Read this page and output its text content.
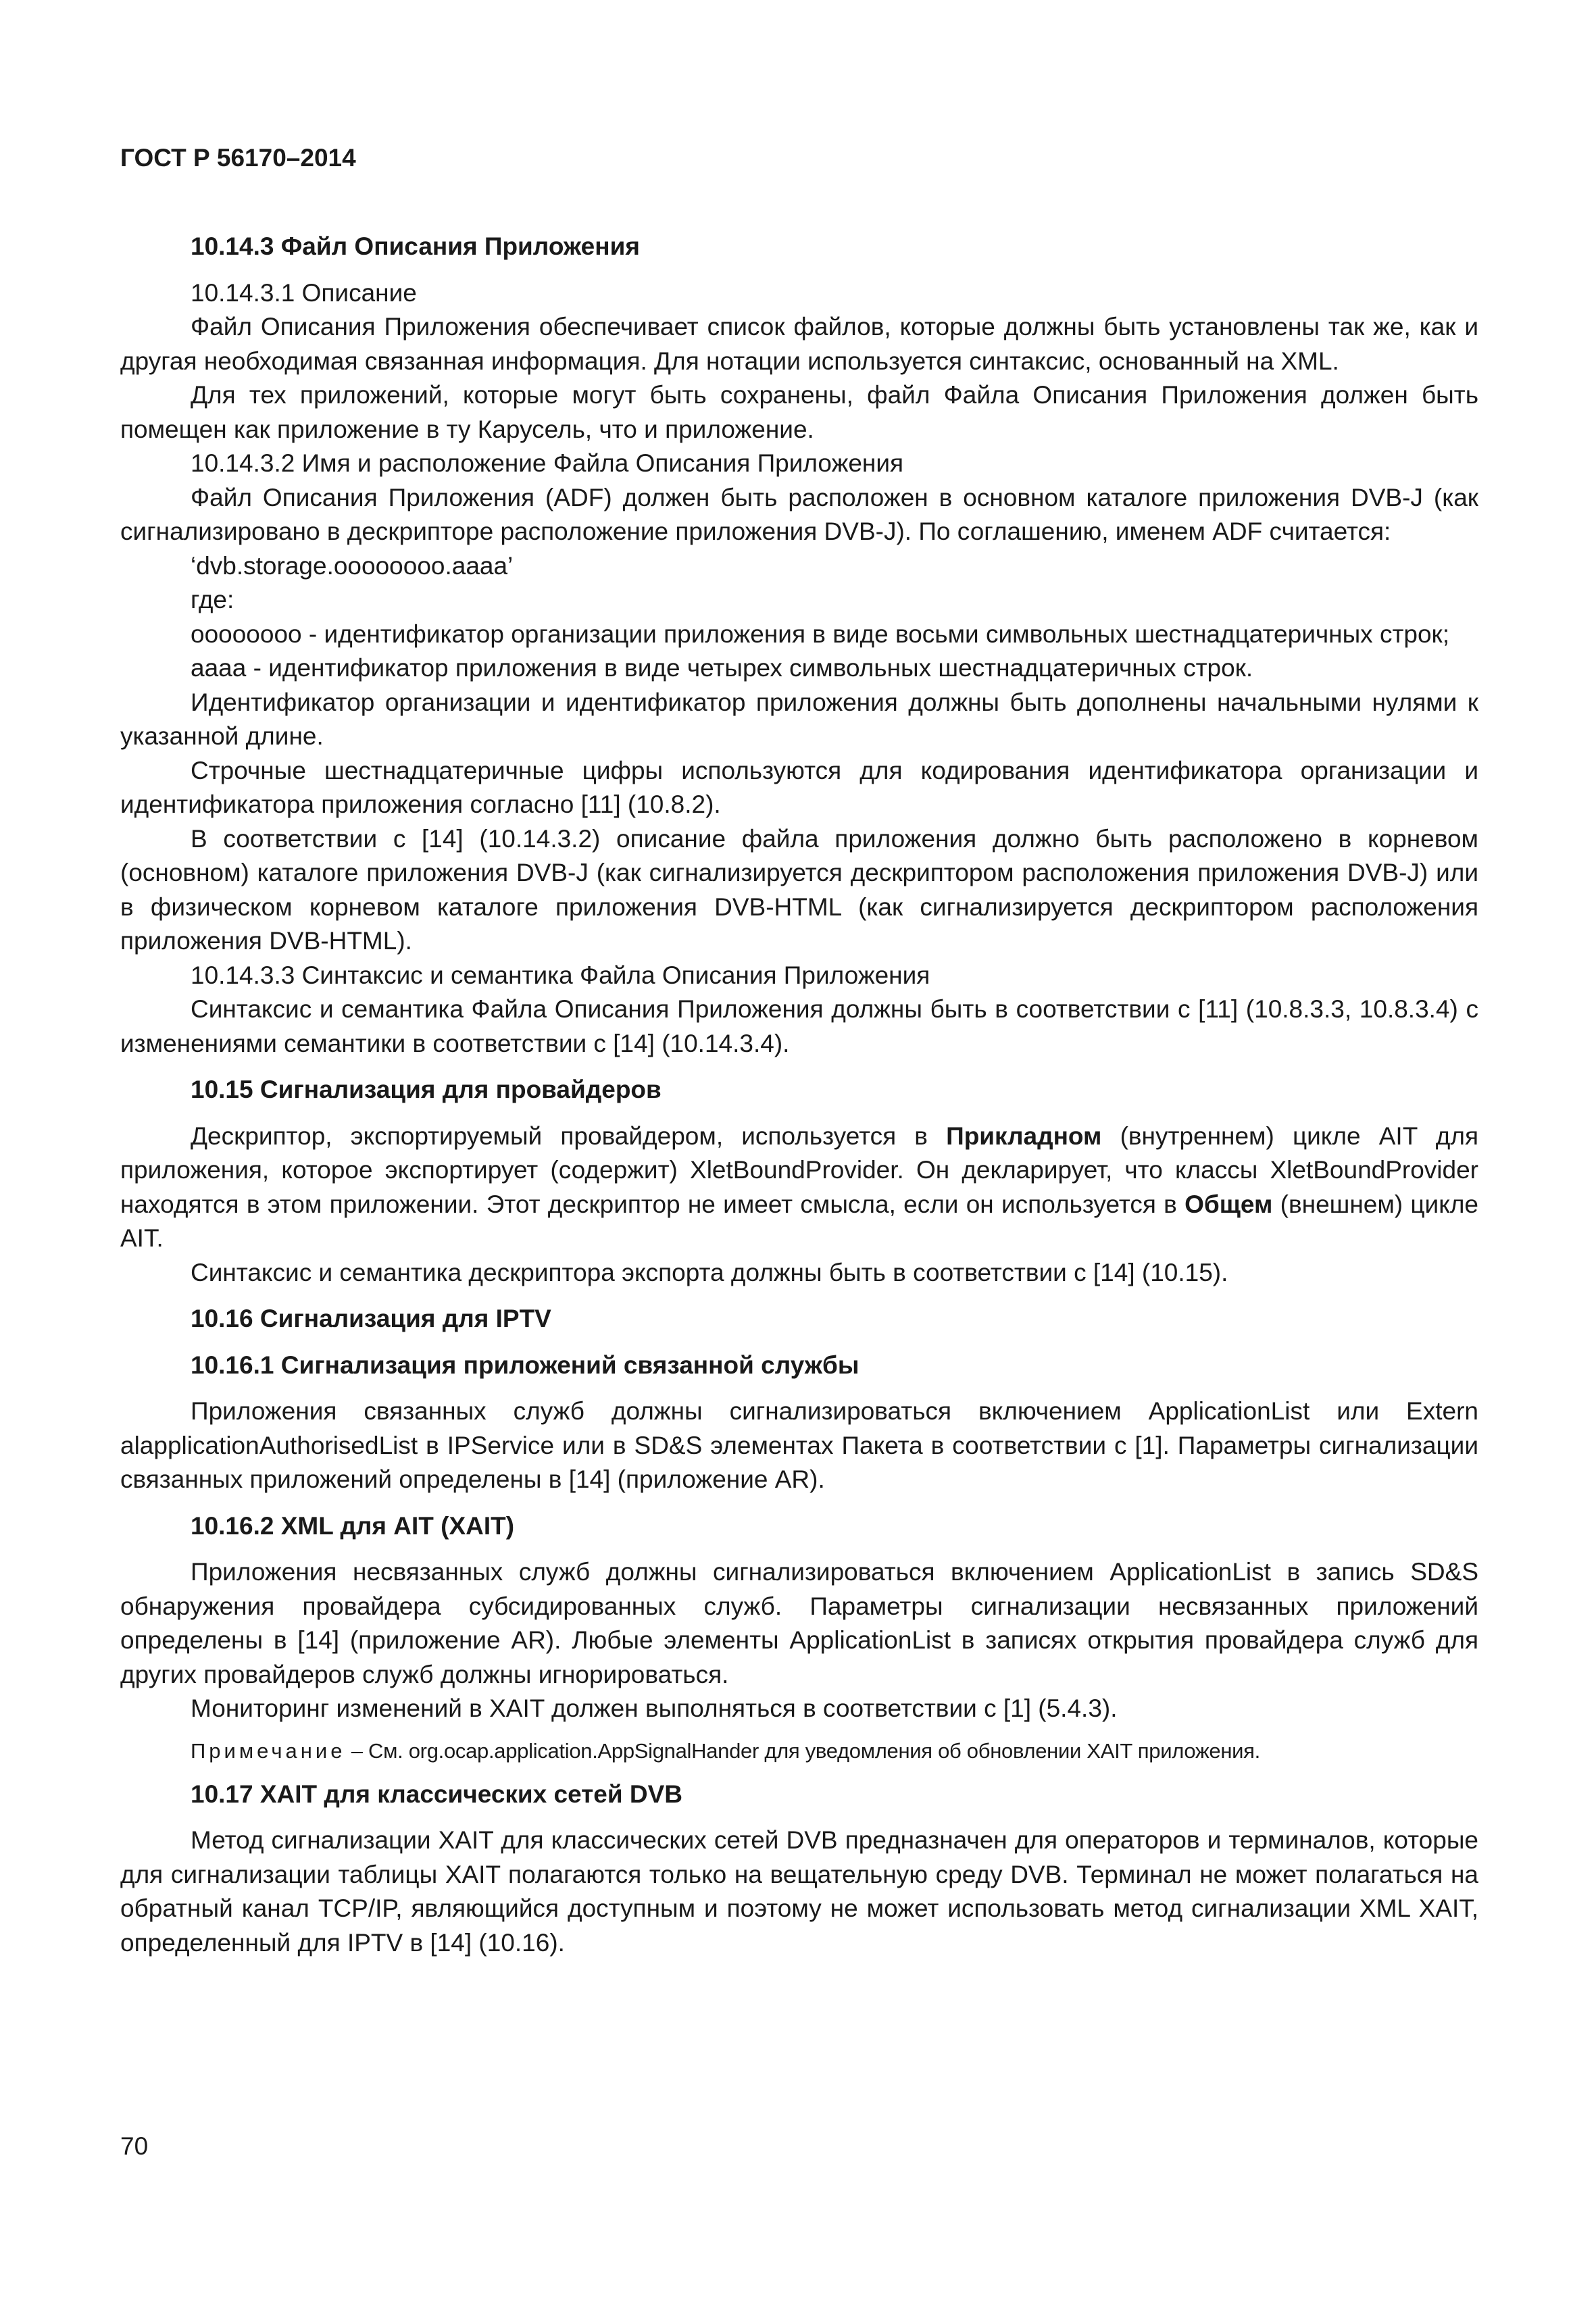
ГОСТ Р 56170–2014

10.14.3 Файл Описания Приложения

10.14.3.1 Описание

Файл Описания Приложения обеспечивает список файлов, которые должны быть установлены так же, как и другая необходимая связанная информация. Для нотации используется синтаксис, основанный на XML.

Для тех приложений, которые могут быть сохранены, файл Файла Описания Приложения должен быть помещен как приложение в ту Карусель, что и приложение.

10.14.3.2 Имя и расположение Файла Описания Приложения

Файл Описания Приложения (ADF) должен быть расположен в основном каталоге приложения DVB-J (как сигнализировано в дескрипторе расположение приложения DVB-J). По соглашению, именем ADF считается:

‘dvb.storage.oooooooo.aaaa’

где:

oooooooo - идентификатор организации приложения в виде восьми символьных шестнадцатеричных строк;

aaaa - идентификатор приложения в виде четырех символьных шестнадцатеричных строк.

Идентификатор организации и идентификатор приложения должны быть дополнены начальными нулями к указанной длине.

Строчные шестнадцатеричные цифры используются для кодирования идентификатора организации и идентификатора приложения согласно [11] (10.8.2).

В соответствии с [14] (10.14.3.2) описание файла приложения должно быть расположено в корневом (основном) каталоге приложения DVB-J (как сигнализируется дескриптором расположения приложения DVB-J) или в физическом корневом каталоге приложения DVB-HTML (как сигнализируется дескриптором расположения приложения DVB-HTML).

10.14.3.3 Синтаксис и семантика Файла Описания Приложения

Синтаксис и семантика Файла Описания Приложения должны быть в соответствии с [11] (10.8.3.3, 10.8.3.4) с изменениями семантики в соответствии с [14] (10.14.3.4).

10.15 Сигнализация для провайдеров

Дескриптор, экспортируемый провайдером, используется в Прикладном (внутреннем) цикле AIT для приложения, которое экспортирует (содержит) XletBoundProvider. Он декларирует, что классы XletBoundProvider находятся в этом приложении. Этот дескриптор не имеет смысла, если он используется в Общем (внешнем) цикле AIT.

Синтаксис и семантика дескриптора экспорта должны быть в соответствии с [14] (10.15).

10.16 Сигнализация для IPTV

10.16.1 Сигнализация приложений связанной службы

Приложения связанных служб должны сигнализироваться включением ApplicationList или Extern alapplicationAuthorisedList в IPService или в SD&S элементах Пакета в соответствии с [1]. Параметры сигнализации связанных приложений определены в [14] (приложение AR).

10.16.2 XML для AIT (XAIT)

Приложения несвязанных служб должны сигнализироваться включением ApplicationList в запись SD&S обнаружения провайдера субсидированных служб. Параметры сигнализации несвязанных приложений определены в [14] (приложение AR). Любые элементы ApplicationList в записях открытия провайдера служб для других провайдеров служб должны игнорироваться.

Мониторинг изменений в XAIT должен выполняться в соответствии с [1] (5.4.3).

Примечание – См. org.ocap.application.AppSignalHander для уведомления об обновлении XAIT приложения.

10.17 XAIT для классических сетей DVB

Метод сигнализации XAIT для классических сетей DVB предназначен для операторов и терминалов, которые для сигнализации таблицы XAIT полагаются только на вещательную среду DVB. Терминал не может полагаться на обратный канал TCP/IP, являющийся доступным и поэтому не может использовать метод сигнализации XML XAIT, определенный для IPTV в [14] (10.16).

70
